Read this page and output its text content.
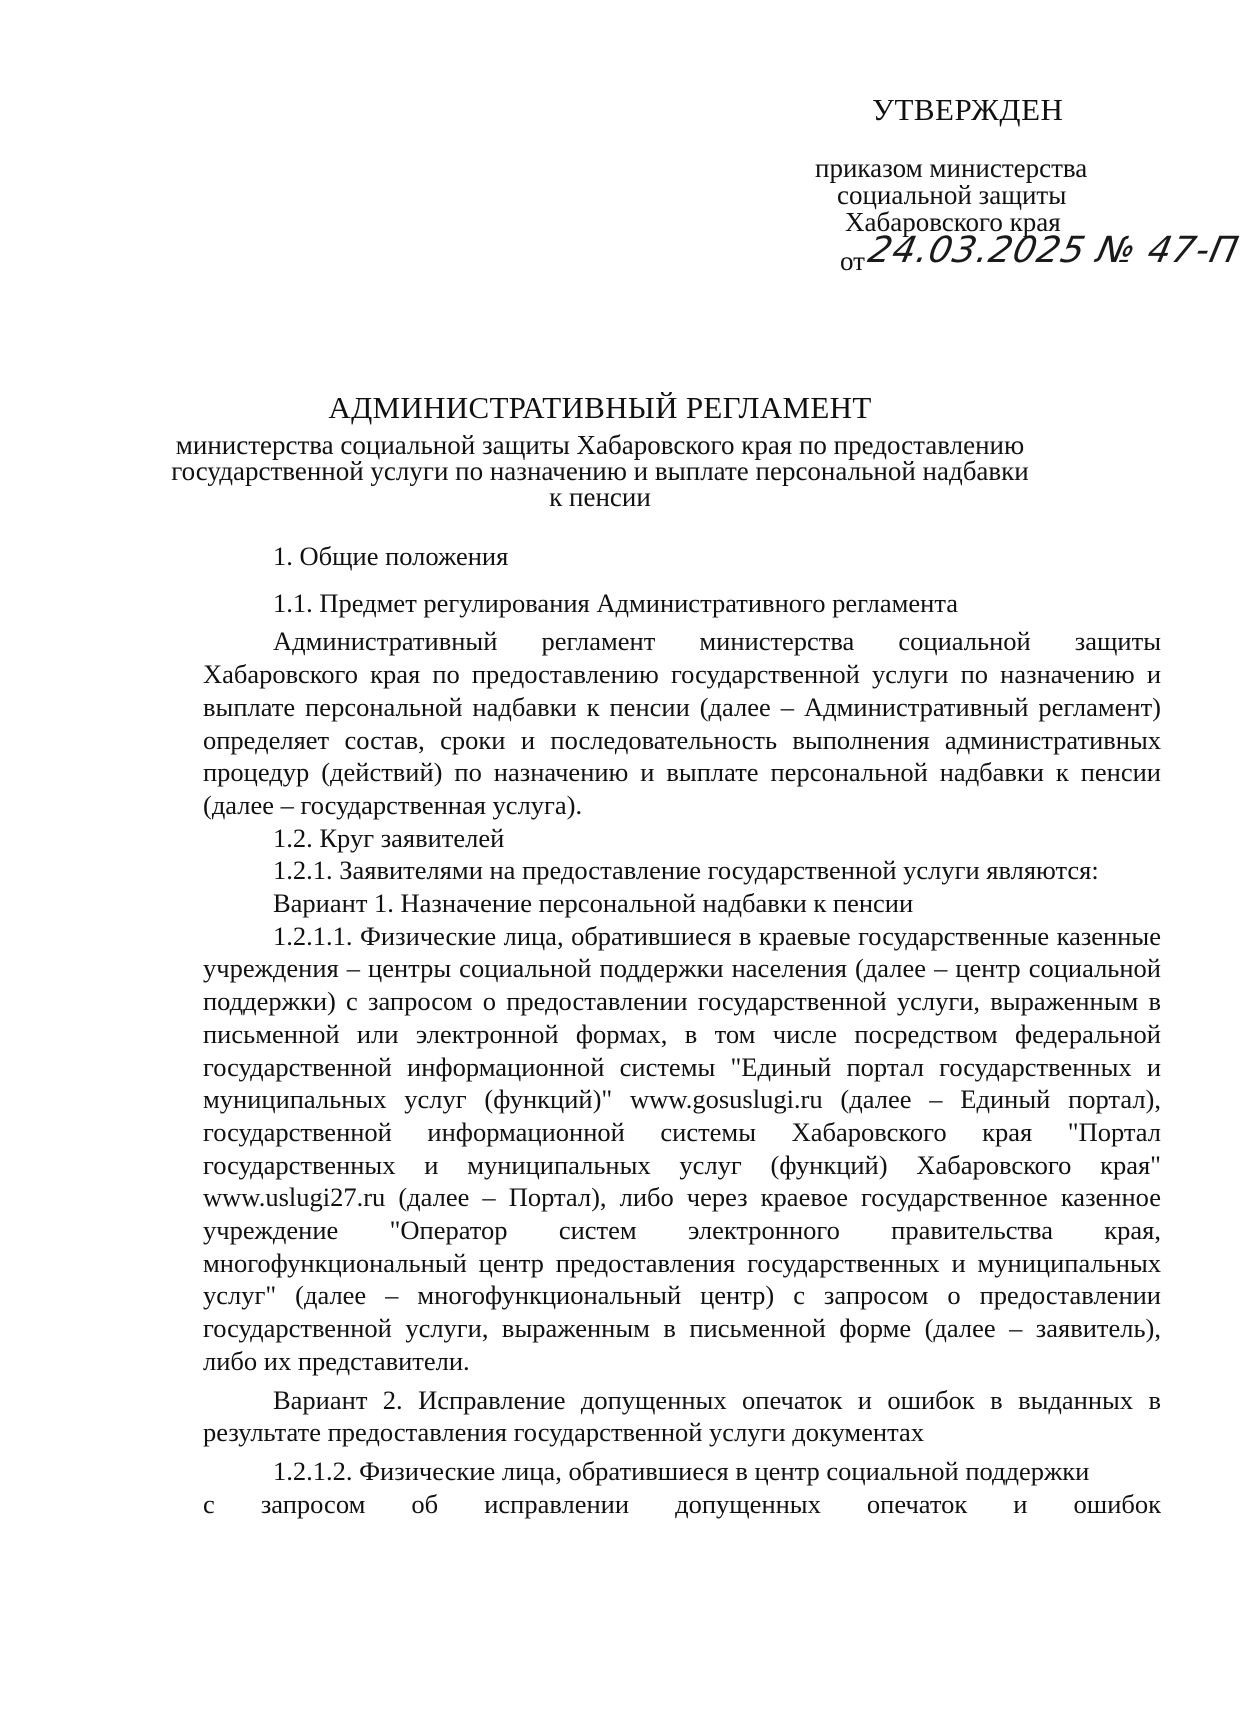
УТВЕРЖДЕН
приказом министерства
социальной защиты
Хабаровского края
от24.03.2025 № 47-П
АДМИНИСТРАТИВНЫЙ РЕГЛАМЕНТ
министерства социальной защиты Хабаровского края по предоставлению
государственной услуги по назначению и выплате персональной надбавки
к пенсии

1. Общие положения

1.1. Предмет регулирования Административного регламента

Административный регламент министерства социальной защиты Хабаровского края по предоставлению государственной услуги по назначению и выплате персональной надбавки к пенсии (далее – Административный регламент) определяет состав, сроки и последовательность выполнения административных процедур (действий) по назначению и выплате персональной надбавки к пенсии (далее – государственная услуга).

1.2. Круг заявителей

1.2.1. Заявителями на предоставление государственной услуги являются:

Вариант 1. Назначение персональной надбавки к пенсии

1.2.1.1. Физические лица, обратившиеся в краевые государственные казенные учреждения – центры социальной поддержки населения (далее – центр социальной поддержки) с запросом о предоставлении государственной услуги, выраженным в письменной или электронной формах, в том числе посредством федеральной государственной информационной системы "Единый портал государственных и муниципальных услуг (функций)" www.gosuslugi.ru (далее – Единый портал), государственной информационной системы Хабаровского края "Портал государственных и муниципальных услуг (функций) Хабаровского края" www.uslugi27.ru (далее – Портал), либо через краевое государственное казенное учреждение "Оператор систем электронного правительства края, многофункциональный центр предоставления государственных и муниципальных услуг" (далее – многофункциональный центр) с запросом о предоставлении государственной услуги, выраженным в письменной форме (далее – заявитель), либо их представители.

Вариант 2. Исправление допущенных опечаток и ошибок в выданных в результате предоставления государственной услуги документах

1.2.1.2. Физические лица, обратившиеся в центр социальной поддержки

с запросом об исправлении допущенных опечаток и ошибок
